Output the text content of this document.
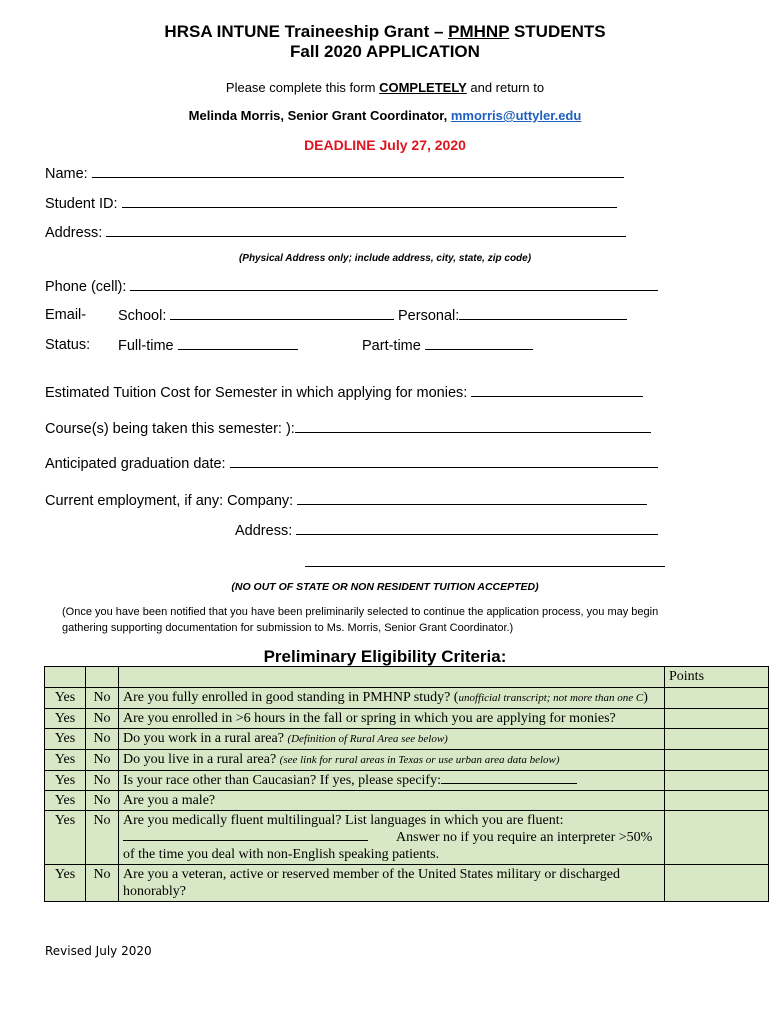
HRSA INTUNE Traineeship Grant – PMHNP STUDENTS
Fall 2020 APPLICATION
Please complete this form COMPLETELY and return to
Melinda Morris, Senior Grant Coordinator, mmorris@uttyler.edu
DEADLINE July 27, 2020
Name:
Student ID:
Address:
(Physical Address only; include address, city, state, zip code)
Phone (cell):
Email- School:	Personal:
Status: Full-time	Part-time
Estimated Tuition Cost for Semester in which applying for monies:
Course(s) being taken this semester: ):
Anticipated graduation date:
Current employment, if any: Company:
Address:
(NO OUT OF STATE OR NON RESIDENT TUITION ACCEPTED)
(Once you have been notified that you have been preliminarily selected to continue the application process, you may begin gathering supporting documentation for submission to Ms. Morris, Senior Grant Coordinator.)
Preliminary Eligibility Criteria:
			Points
Yes	No	Are you fully enrolled in good standing in PMHNP study? (unofficial transcript; not more than one C)	
Yes	No	Are you enrolled in >6 hours in the fall or spring in which you are applying for monies?	
Yes	No	Do you work in a rural area? (Definition of Rural Area see below)	
Yes	No	Do you live in a rural area? (see link for rural areas in Texas or use urban area data below)	
Yes	No	Is your race other than Caucasian? If yes, please specify:	
Yes	No	Are you a male?	
Yes	No	Are you medically fluent multilingual? List languages in which you are fluent:        Answer no if you require an interpreter >50% of the time you deal with non-English speaking patients.	
Yes	No	Are you a veteran, active or reserved member of the United States military or discharged honorably?	
Revised July 2020
